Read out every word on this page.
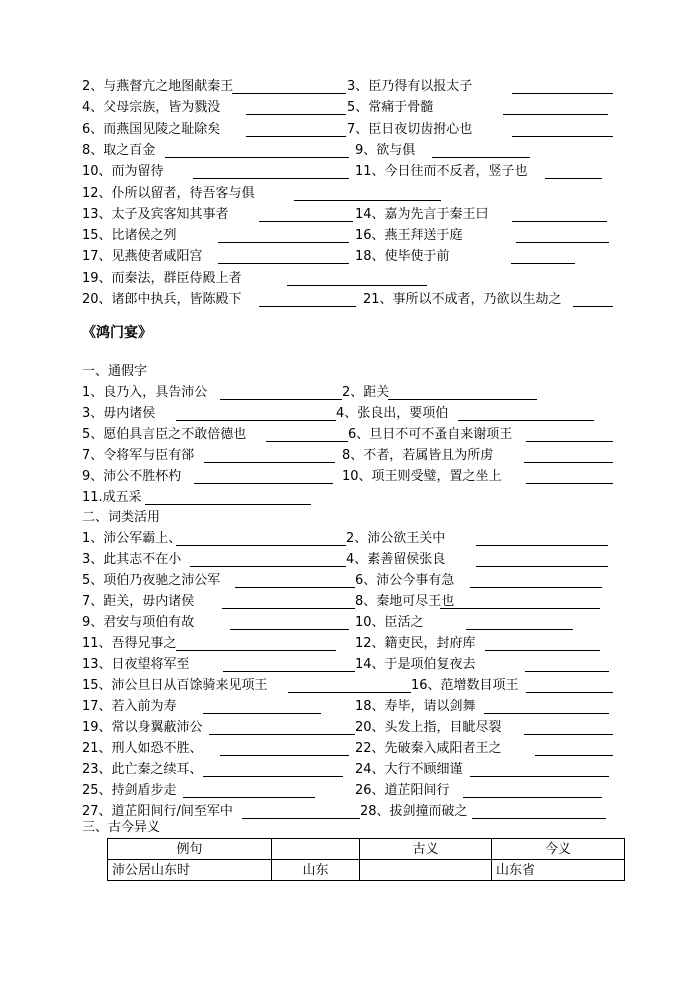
2、与燕督亢之地图献秦王	3、臣乃得有以报太子
4、父母宗族，皆为戮没	5、常痛于骨髓
6、而燕国见陵之耻除矣	7、臣日夜切齿拊心也
8、取之百金	9、欲与俱
10、而为留待	11、今日往而不反者，竖子也
12、仆所以留者，待吾客与俱
13、太子及宾客知其事者	14、嘉为先言于秦王曰
15、比诸侯之列	16、燕王拜送于庭
17、见燕使者咸阳宫	18、使毕使于前
19、而秦法，群臣侍殿上者
20、诸郎中执兵，皆陈殿下	21、事所以不成者，乃欲以生劫之
《鸿门宴》
一、通假字
1、良乃入，具告沛公	2、距关
3、毋内诸侯	4、张良出，要项伯
5、愿伯具言臣之不敢倍德也	6、旦日不可不蚤自来谢项王
7、令将军与臣有郤	8、不者，若属皆且为所虏
9、沛公不胜杯杓	10、项王则受璧，置之坐上
11.成五采
二、词类活用
1、沛公军霸上、	2、沛公欲王关中
3、此其志不在小	4、素善留侯张良
5、项伯乃夜驰之沛公军	6、沛公今事有急
7、距关，毋内诸侯	8、秦地可尽王也
9、君安与项伯有故	10、臣活之
11、吾得兄事之	12、籍吏民，封府库
13、日夜望将军至	14、于是项伯复夜去
15、沛公旦日从百馀骑来见项王	16、范增数目项王
17、若入前为寿	18、寿毕，请以剑舞
19、常以身翼蔽沛公	20、头发上指，目眦尽裂
21、刑人如恐不胜、	22、先破秦入咸阳者王之
23、此亡秦之续耳、	24、大行不顾细谨
25、持剑盾步走	26、道芷阳间行
27、道芷阳间行/间至军中	28、拔剑撞而破之
三、古今异义
例句		古义	今义
沛公居山东时	山东		山东省
